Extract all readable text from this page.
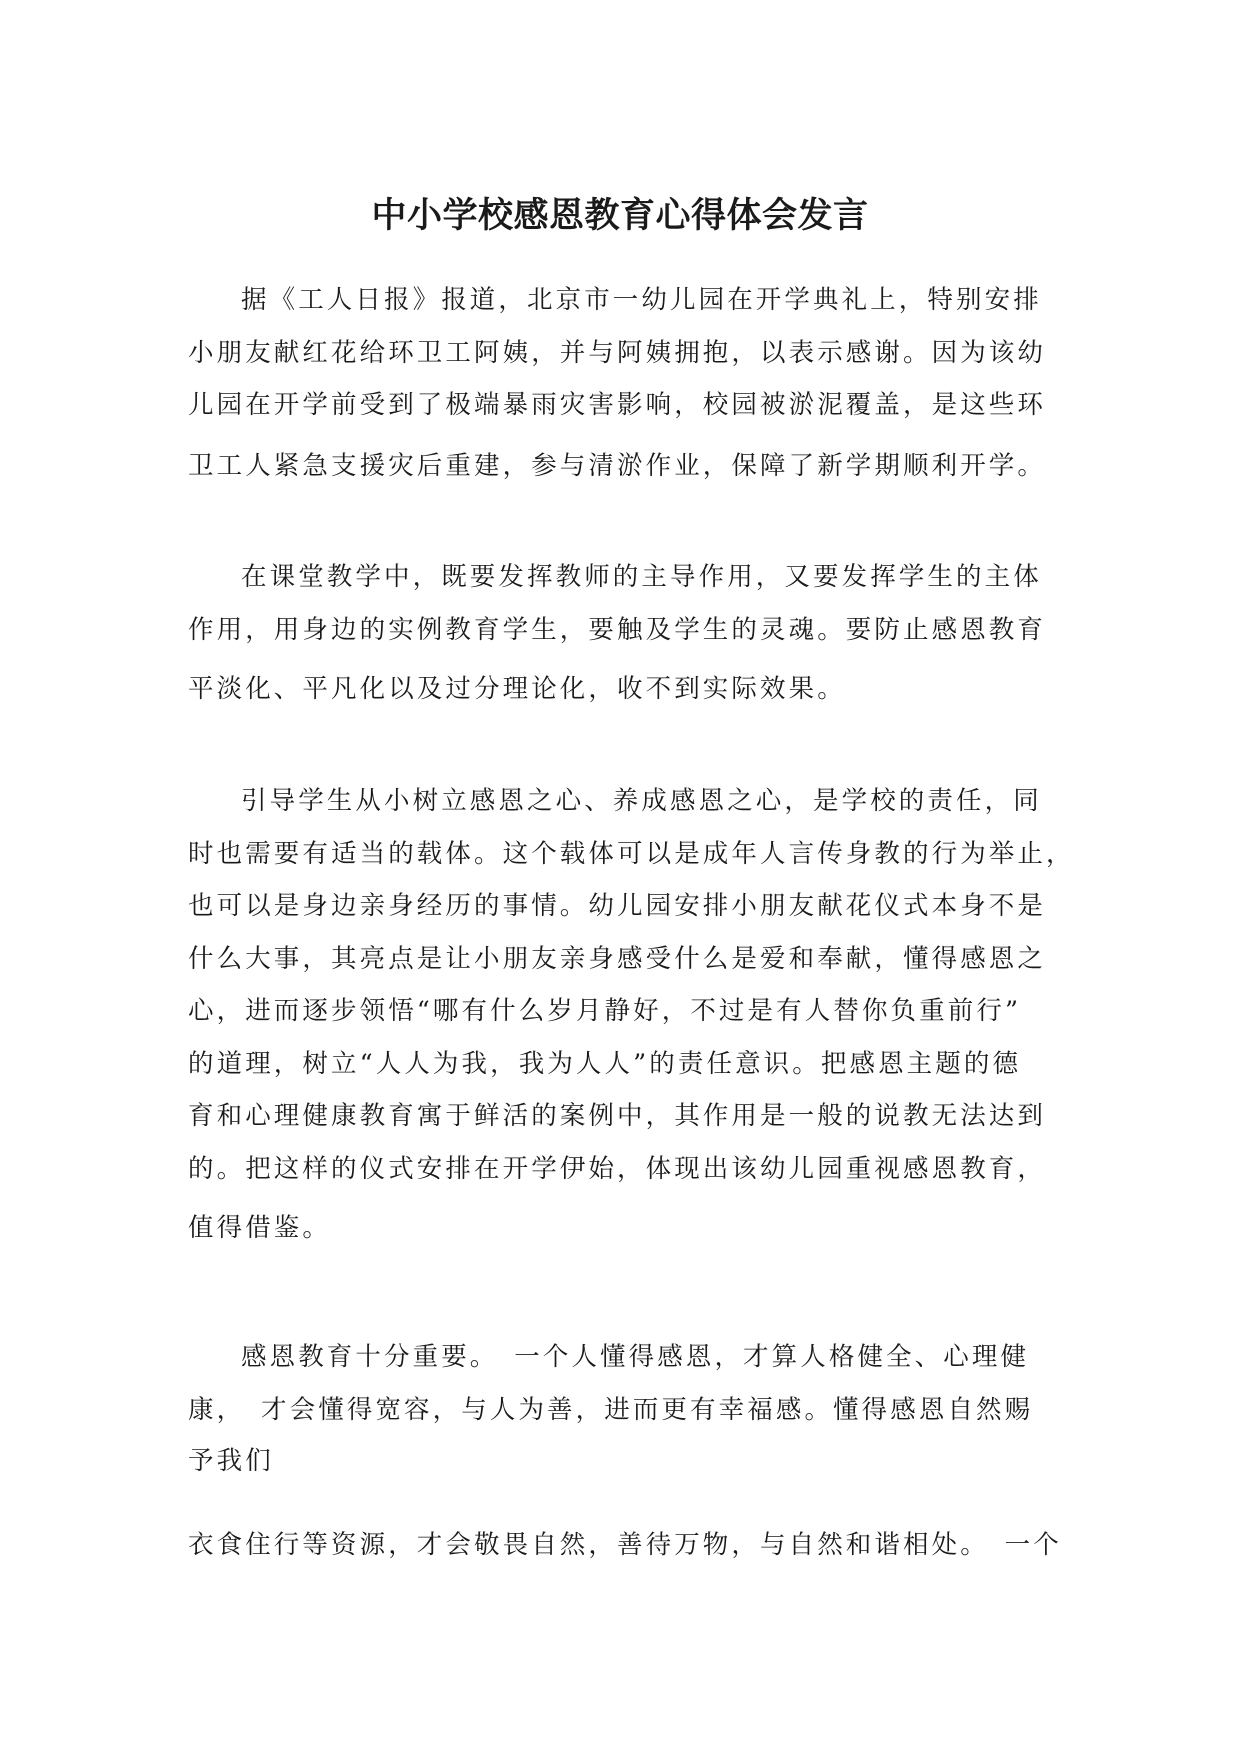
中小学校感恩教育心得体会发言
据《工人日报》报道，北京市一幼儿园在开学典礼上，特别安排
小朋友献红花给环卫工阿姨，并与阿姨拥抱，以表示感谢。因为该幼
儿园在开学前受到了极端暴雨灾害影响，校园被淤泥覆盖，是这些环
卫工人紧急支援灾后重建，参与清淤作业，保障了新学期顺利开学。
在课堂教学中，既要发挥教师的主导作用，又要发挥学生的主体
作用，用身边的实例教育学生，要触及学生的灵魂。要防止感恩教育
平淡化、平凡化以及过分理论化，收不到实际效果。
引导学生从小树立感恩之心、养成感恩之心，是学校的责任，同
时也需要有适当的载体。这个载体可以是成年人言传身教的行为举止，
也可以是身边亲身经历的事情。幼儿园安排小朋友献花仪式本身不是
什么大事，其亮点是让小朋友亲身感受什么是爱和奉献，懂得感恩之
心，进而逐步领悟“哪有什么岁月静好，不过是有人替你负重前行”
的道理，树立“人人为我，我为人人”的责任意识。把感恩主题的德
育和心理健康教育寓于鲜活的案例中，其作用是一般的说教无法达到
的。把这样的仪式安排在开学伊始，体现出该幼儿园重视感恩教育，
值得借鉴。
感恩教育十分重要。　一个人懂得感恩，才算人格健全、心理健
康，　才会懂得宽容，与人为善，进而更有幸福感。懂得感恩自然赐
予我们
衣食住行等资源，才会敬畏自然，善待万物，与自然和谐相处。　一个
